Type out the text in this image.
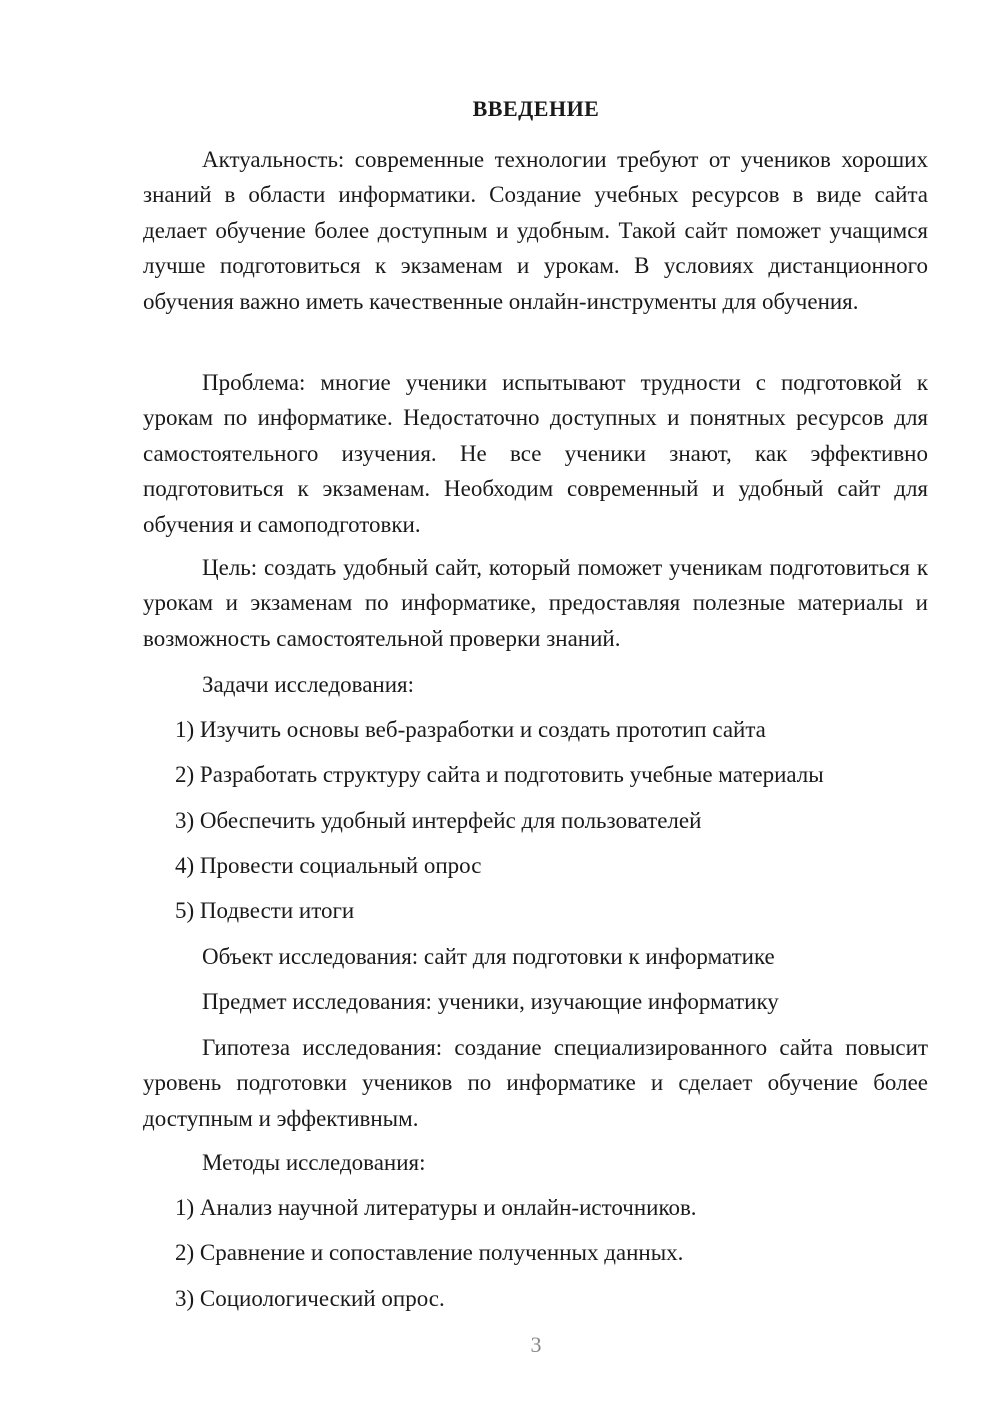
ВВЕДЕНИЕ

Актуальность: современные технологии требуют от учеников хороших знаний в области информатики. Создание учебных ресурсов в виде сайта делает обучение более доступным и удобным. Такой сайт поможет учащимся лучше подготовиться к экзаменам и урокам. В условиях дистанционного обучения важно иметь качественные онлайн-инструменты для обучения.

Проблема: многие ученики испытывают трудности с подготовкой к урокам по информатике. Недостаточно доступных и понятных ресурсов для самостоятельного изучения. Не все ученики знают, как эффективно подготовиться к экзаменам. Необходим современный и удобный сайт для обучения и самоподготовки.

Цель: создать удобный сайт, который поможет ученикам подготовиться к урокам и экзаменам по информатике, предоставляя полезные материалы и возможность самостоятельной проверки знаний.

Задачи исследования:

1) Изучить основы веб-разработки и создать прототип сайта

2) Разработать структуру сайта и подготовить учебные материалы

3) Обеспечить удобный интерфейс для пользователей

4) Провести социальный опрос

5) Подвести итоги

Объект исследования: сайт для подготовки к информатике

Предмет исследования: ученики, изучающие информатику

Гипотеза исследования: создание специализированного сайта повысит уровень подготовки учеников по информатике и сделает обучение более доступным и эффективным.

Методы исследования:

1) Анализ научной литературы и онлайн-источников.

2) Сравнение и сопоставление полученных данных.

3) Социологический опрос.

3
